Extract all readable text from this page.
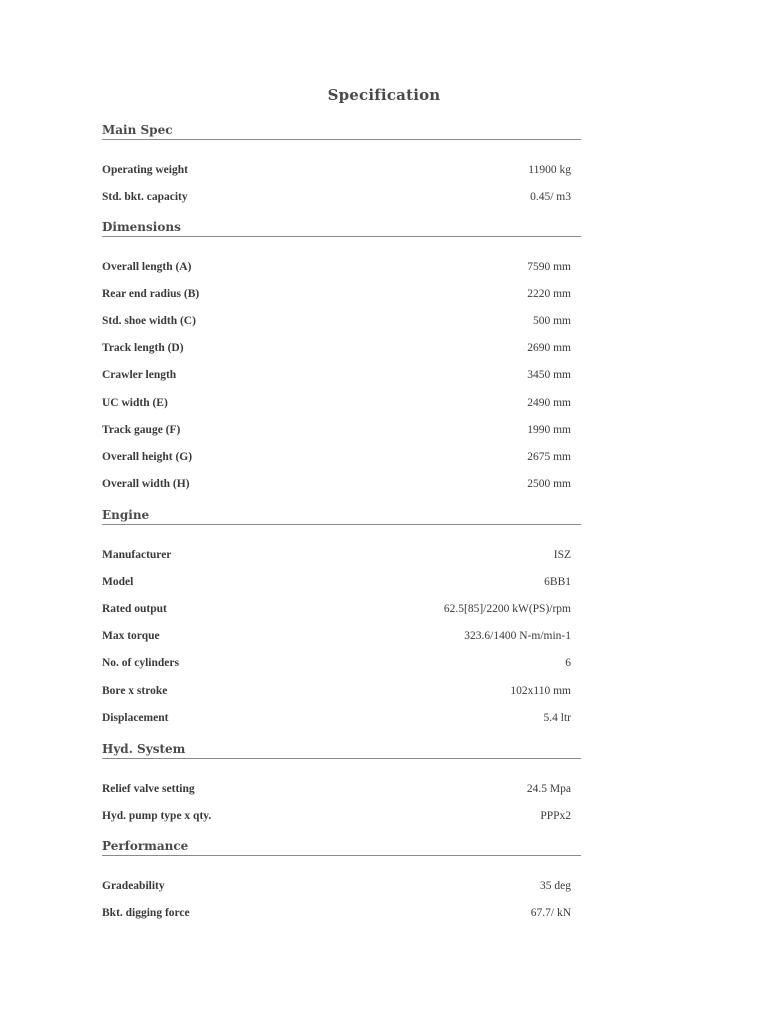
Specification
Main Spec
Operating weight	11900 kg
Std. bkt. capacity	0.45/ m3
Dimensions
Overall length (A)	7590 mm
Rear end radius (B)	2220 mm
Std. shoe width (C)	500 mm
Track length (D)	2690 mm
Crawler length	3450 mm
UC width (E)	2490 mm
Track gauge (F)	1990 mm
Overall height (G)	2675 mm
Overall width (H)	2500 mm
Engine
Manufacturer	ISZ
Model	6BB1
Rated output	62.5[85]/2200 kW(PS)/rpm
Max torque	323.6/1400 N-m/min-1
No. of cylinders	6
Bore x stroke	102x110 mm
Displacement	5.4 ltr
Hyd. System
Relief valve setting	24.5 Mpa
Hyd. pump type x qty.	PPPx2
Performance
Gradeability	35 deg
Bkt. digging force	67.7/ kN
